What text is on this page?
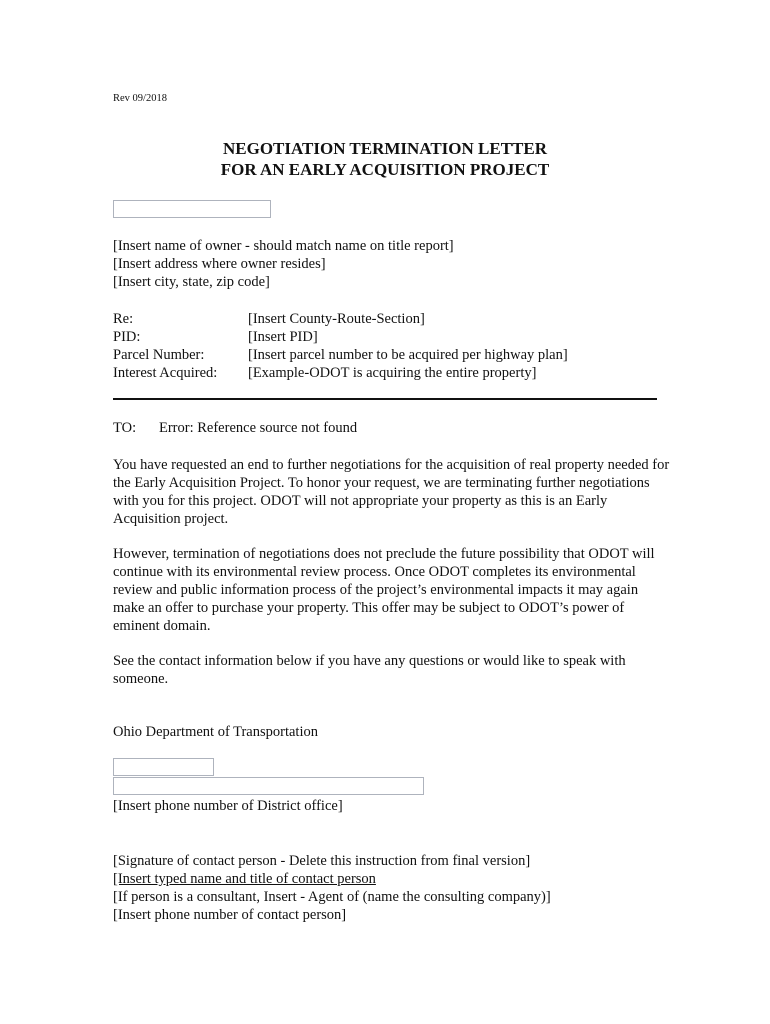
Rev 09/2018
NEGOTIATION TERMINATION LETTER
FOR AN EARLY ACQUISITION PROJECT
[Insert name of owner - should match name on title report]
[Insert address where owner resides]
[Insert city, state, zip code]
Re:
PID:
Parcel Number:
Interest Acquired:
[Insert County-Route-Section]
[Insert PID]
[Insert parcel number to be acquired per highway plan]
[Example-ODOT is acquiring the entire property]
TO: Error: Reference source not found
You have requested an end to further negotiations for the acquisition of real property needed for the Early Acquisition Project. To honor your request, we are terminating further negotiations with you for this project. ODOT will not appropriate your property as this is an Early Acquisition project.
However, termination of negotiations does not preclude the future possibility that ODOT will continue with its environmental review process. Once ODOT completes its environmental review and public information process of the project’s environmental impacts it may again make an offer to purchase your property. This offer may be subject to ODOT’s power of eminent domain.
See the contact information below if you have any questions or would like to speak with someone.
Ohio Department of Transportation
[Insert phone number of District office]
[Signature of contact person - Delete this instruction from final version]
[Insert typed name and title of contact person
[If person is a consultant, Insert - Agent of (name the consulting company)]
[Insert phone number of contact person]
